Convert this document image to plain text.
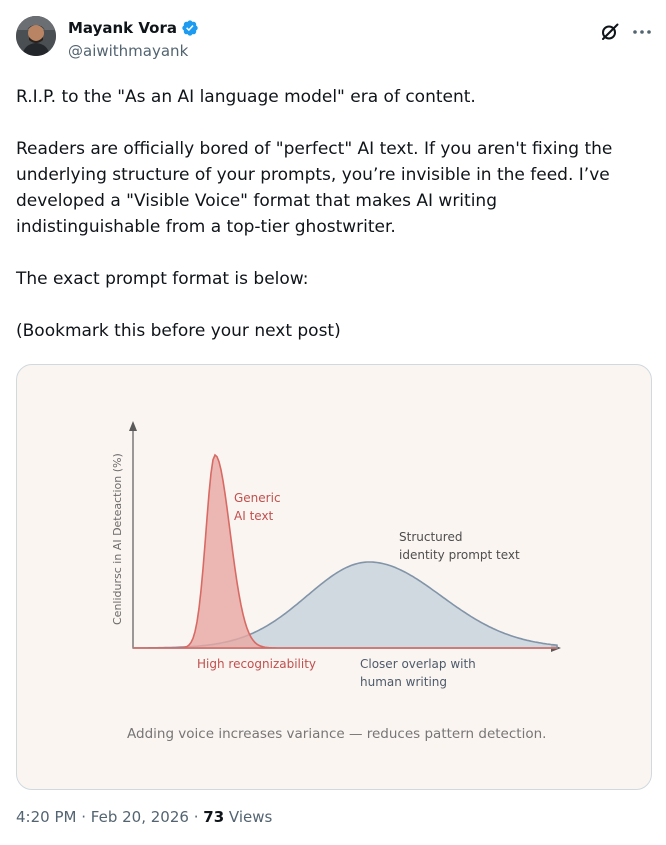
Mayank Vora
@aiwithmayank

R.I.P. to the "As an AI language model" era of content.

Readers are officially bored of "perfect" AI text. If you aren't fixing the underlying structure of your prompts, you’re invisible in the feed. I’ve developed a "Visible Voice" format that makes AI writing indistinguishable from a top-tier ghostwriter.

The exact prompt format is below:

(Bookmark this before your next post)

Cenlidursc in AI Deteaction (%)	Generic
AI text
Structured
identity prompt text
High recognizability	Closer overlap with
human writing
Adding voice increases variance — reduces pattern detection.
4:20 PM · Feb 20, 2026 · 73 Views
